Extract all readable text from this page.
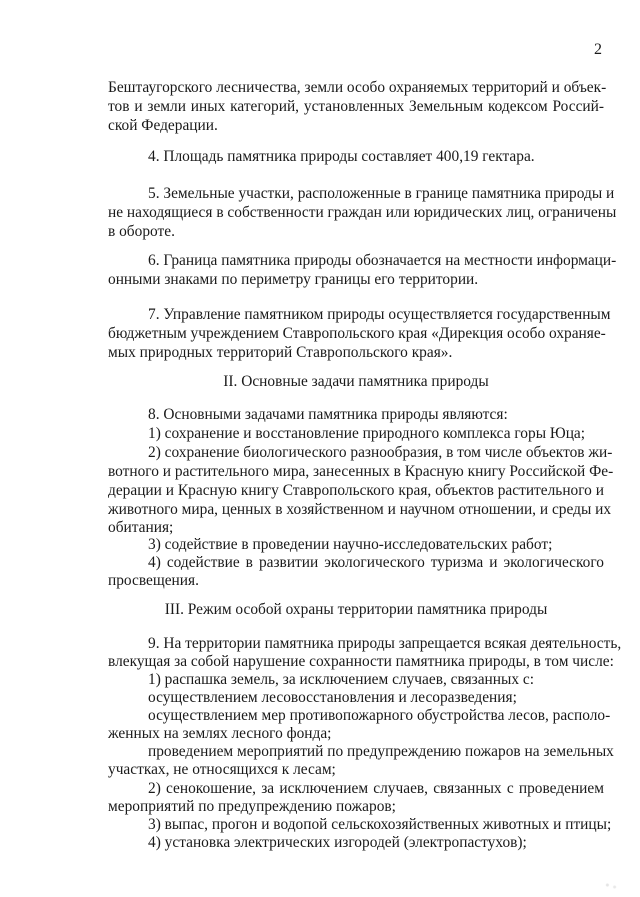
2
Бештаугорского лесничества, земли особо охраняемых территорий и объек-
тов и земли иных категорий, установленных Земельным кодексом Россий-
ской Федерации.
4. Площадь памятника природы составляет 400,19 гектара.
5. Земельные участки, расположенные в границе памятника природы и
не находящиеся в собственности граждан или юридических лиц, ограничены
в обороте.
6. Граница памятника природы обозначается на местности информаци-
онными знаками по периметру границы его территории.
7. Управление памятником природы осуществляется государственным
бюджетным учреждением Ставропольского края «Дирекция особо охраняе-
мых природных территорий Ставропольского края».
II. Основные задачи памятника природы
8. Основными задачами памятника природы являются:
1) сохранение и восстановление природного комплекса горы Юца;
2) сохранение биологического разнообразия, в том числе объектов жи-
вотного и растительного мира, занесенных в Красную книгу Российской Фе-
дерации и Красную книгу Ставропольского края, объектов растительного и
животного мира, ценных в хозяйственном и научном отношении, и среды их
обитания;
3) содействие в проведении научно-исследовательских работ;
4) содействие в развитии экологического туризма и экологического
просвещения.
III. Режим особой охраны территории памятника природы
9. На территории памятника природы запрещается всякая деятельность,
влекущая за собой нарушение сохранности памятника природы, в том числе:
1) распашка земель, за исключением случаев, связанных с:
осуществлением лесовосстановления и лесоразведения;
осуществлением мер противопожарного обустройства лесов, располо-
женных на землях лесного фонда;
проведением мероприятий по предупреждению пожаров на земельных
участках, не относящихся к лесам;
2) сенокошение, за исключением случаев, связанных с проведением
мероприятий по предупреждению пожаров;
3) выпас, прогон и водопой сельскохозяйственных животных и птицы;
4) установка электрических изгородей (электропастухов);
